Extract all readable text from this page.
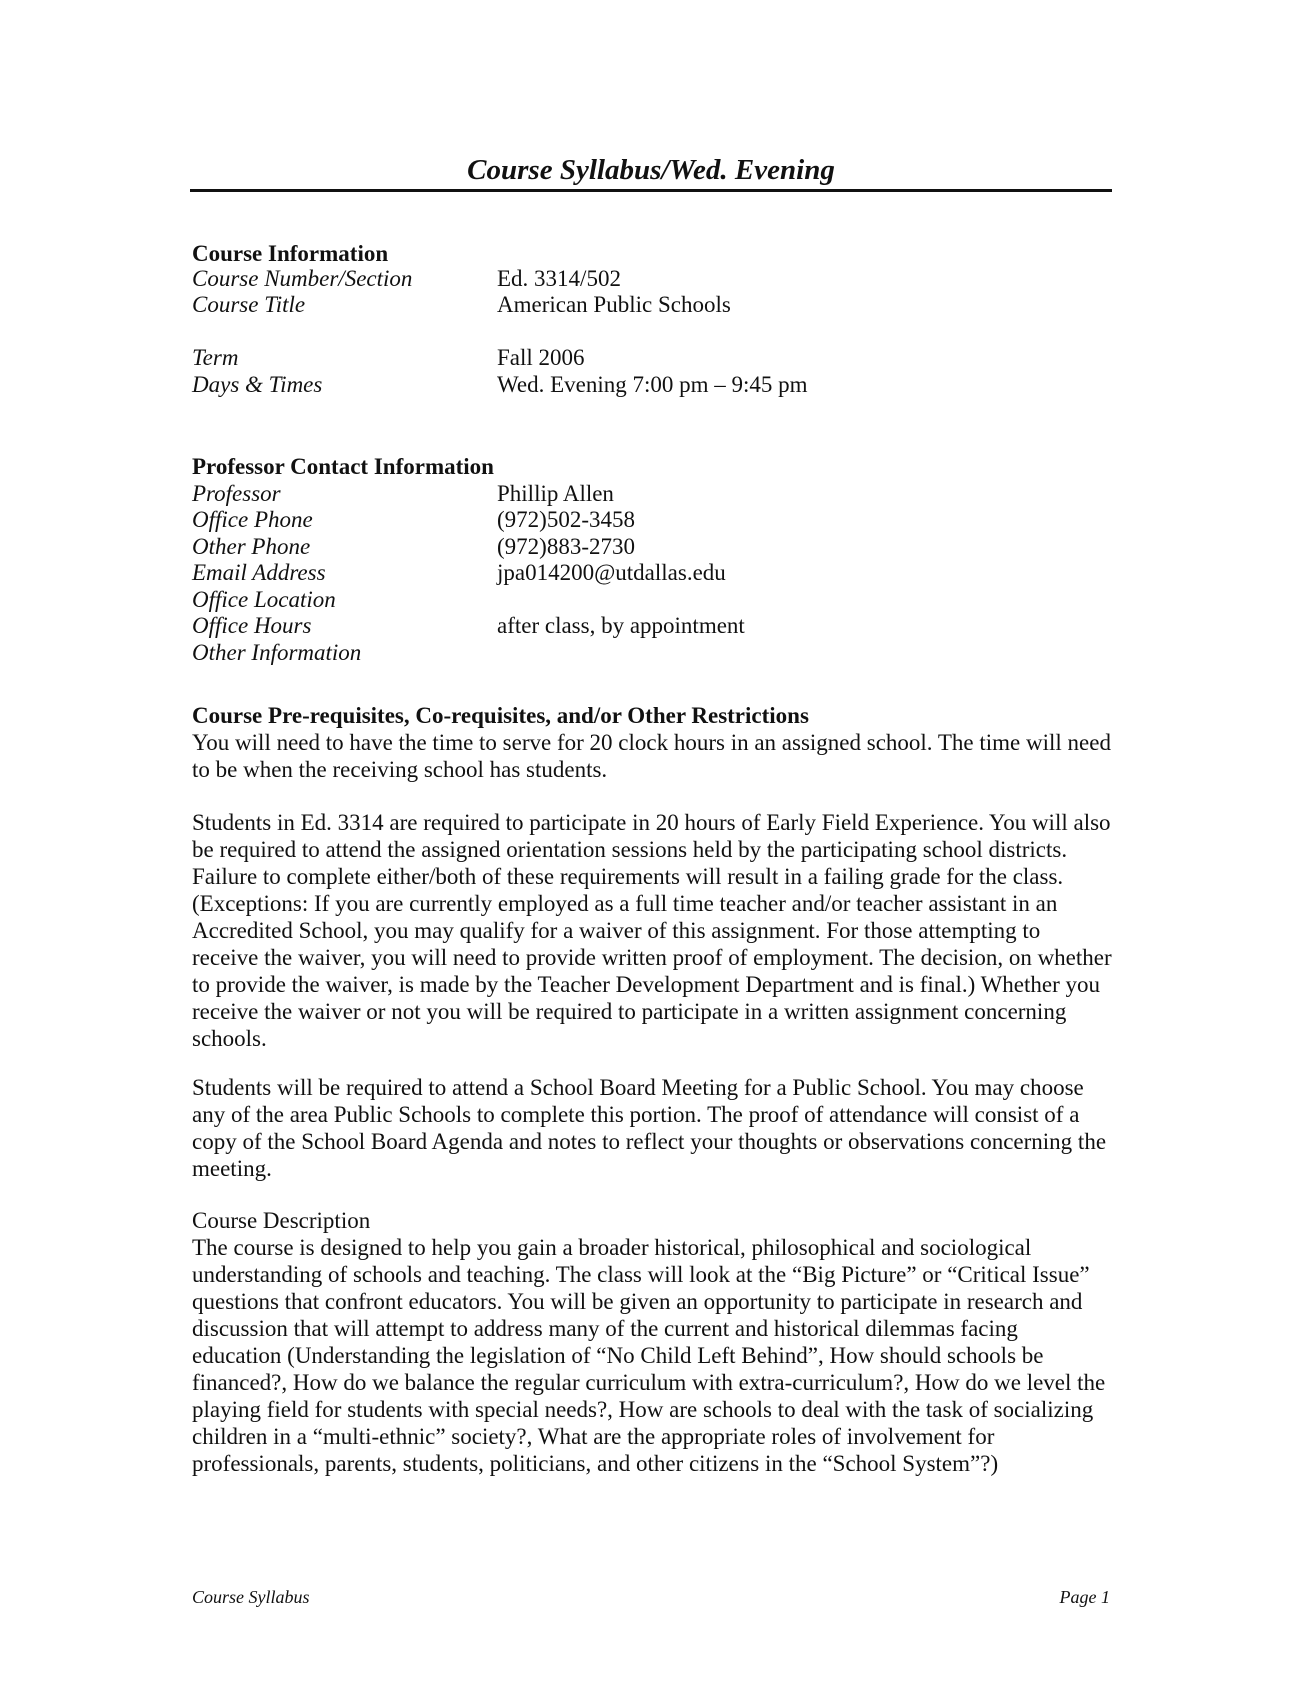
Course Syllabus/Wed. Evening
Course Information
Course Number/Section	Ed. 3314/502
Course Title	American Public Schools
Term	Fall 2006
Days & Times	Wed. Evening 7:00 pm – 9:45 pm
Professor Contact Information
Professor	Phillip Allen
Office Phone	(972)502-3458
Other Phone	(972)883-2730
Email Address	jpa014200@utdallas.edu
Office Location
Office Hours	after class, by appointment
Other Information
Course Pre-requisites, Co-requisites, and/or Other Restrictions

You will need to have the time to serve for 20 clock hours in an assigned school. The time will need to be when the receiving school has students.

Students in Ed. 3314 are required to participate in 20 hours of Early Field Experience. You will also be required to attend the assigned orientation sessions held by the participating school districts. Failure to complete either/both of these requirements will result in a failing grade for the class. (Exceptions: If you are currently employed as a full time teacher and/or teacher assistant in an Accredited School, you may qualify for a waiver of this assignment. For those attempting to receive the waiver, you will need to provide written proof of employment. The decision, on whether to provide the waiver, is made by the Teacher Development Department and is final.) Whether you receive the waiver or not you will be required to participate in a written assignment concerning schools.

Students will be required to attend a School Board Meeting for a Public School. You may choose any of the area Public Schools to complete this portion. The proof of attendance will consist of a copy of the School Board Agenda and notes to reflect your thoughts or observations concerning the meeting.

Course Description

The course is designed to help you gain a broader historical, philosophical and sociological understanding of schools and teaching. The class will look at the “Big Picture” or “Critical Issue” questions that confront educators. You will be given an opportunity to participate in research and discussion that will attempt to address many of the current and historical dilemmas facing education (Understanding the legislation of “No Child Left Behind”, How should schools be financed?, How do we balance the regular curriculum with extra-curriculum?, How do we level the playing field for students with special needs?, How are schools to deal with the task of socializing children in a “multi-ethnic” society?, What are the appropriate roles of involvement for professionals, parents, students, politicians, and other citizens in the “School System”?)

Course Syllabus	Page 1
